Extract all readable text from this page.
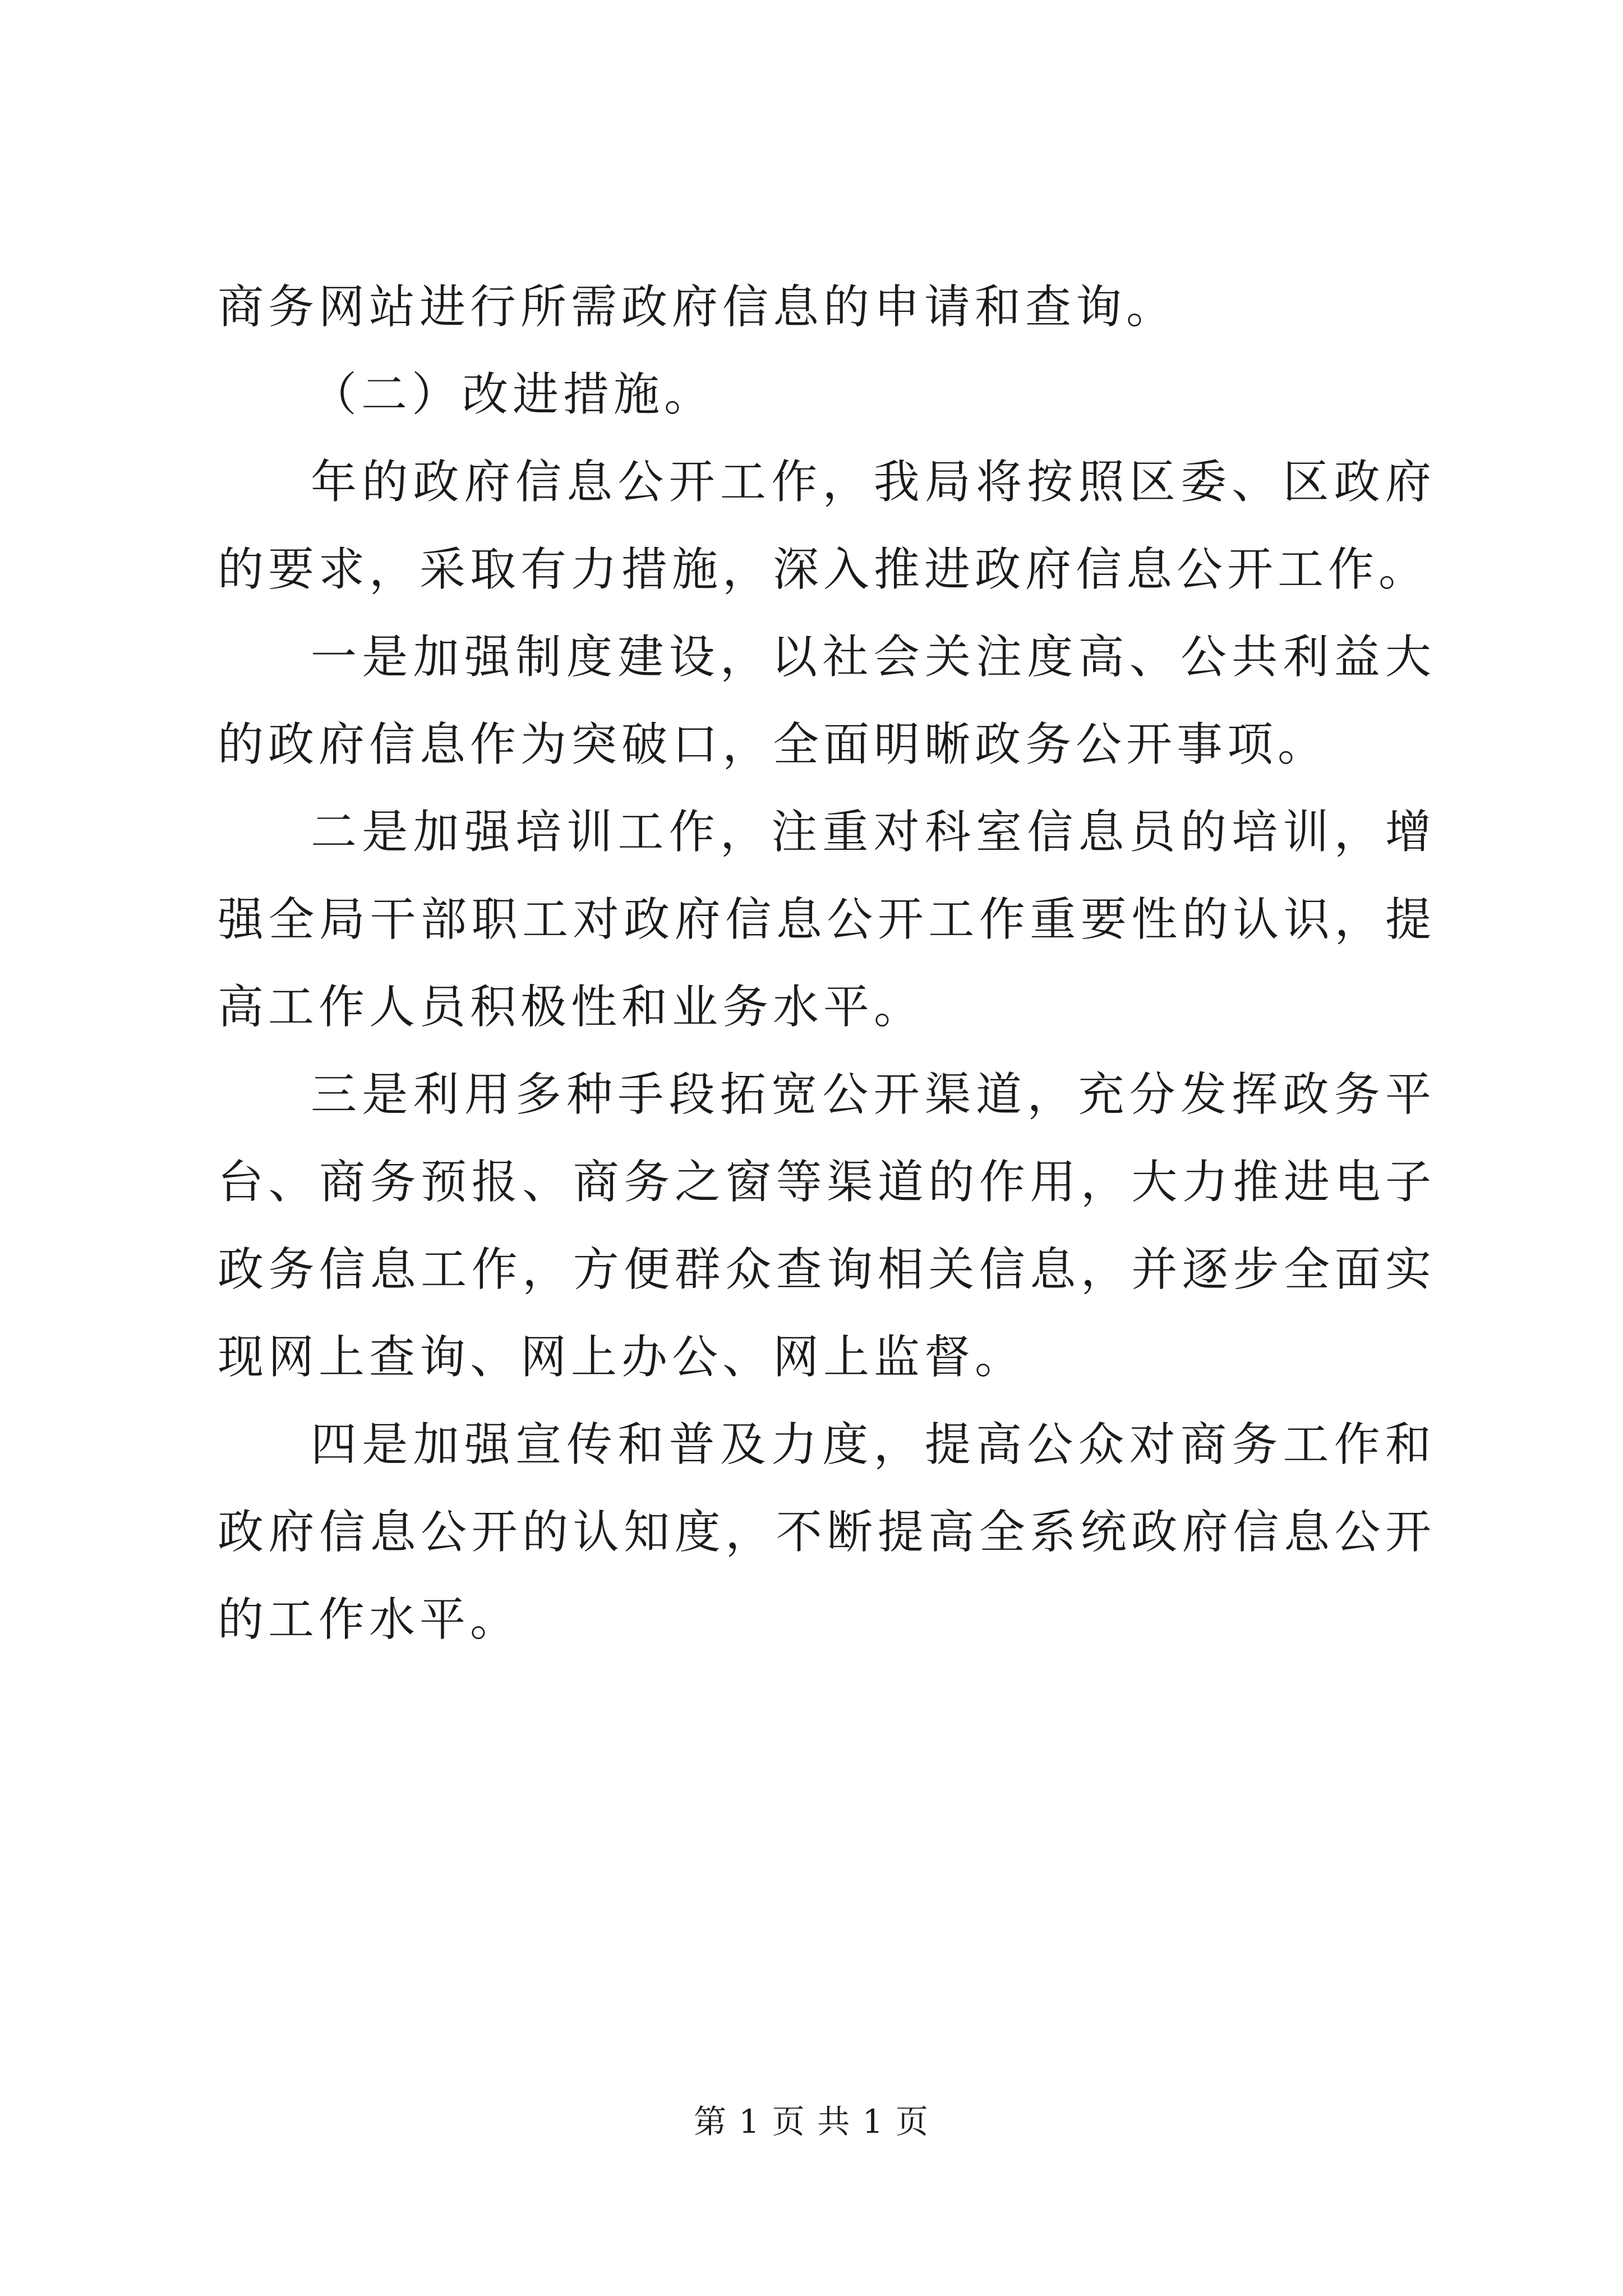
商务网站进行所需政府信息的申请和查询。

（二）改进措施。

年的政府信息公开工作，我局将按照区委、区政府的要求，采取有力措施，深入推进政府信息公开工作。

一是加强制度建设，以社会关注度高、公共利益大的政府信息作为突破口，全面明晰政务公开事项。

二是加强培训工作，注重对科室信息员的培训，增强全局干部职工对政府信息公开工作重要性的认识，提高工作人员积极性和业务水平。

三是利用多种手段拓宽公开渠道，充分发挥政务平台、商务预报、商务之窗等渠道的作用，大力推进电子政务信息工作，方便群众查询相关信息，并逐步全面实现网上查询、网上办公、网上监督。

四是加强宣传和普及力度，提高公众对商务工作和政府信息公开的认知度，不断提高全系统政府信息公开的工作水平。

第 1 页 共 1 页
